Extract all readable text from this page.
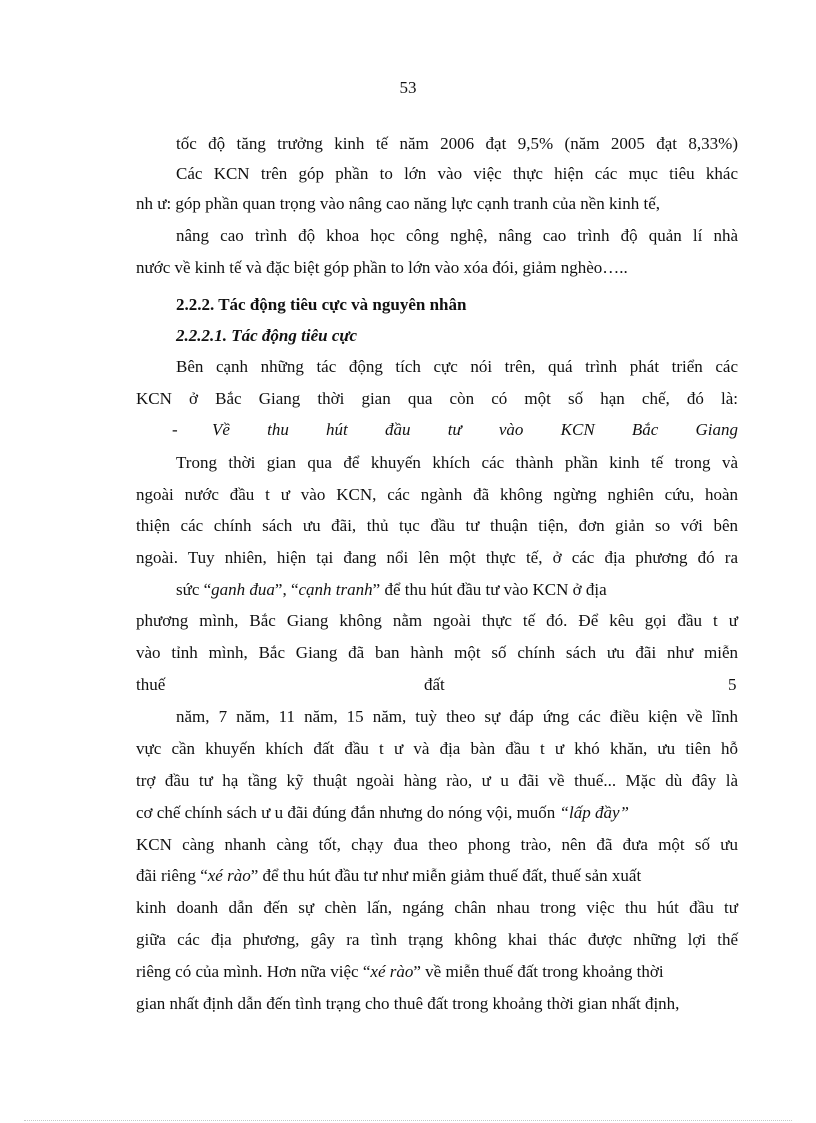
53
tốc độ tăng trưởng kinh tế năm 2006 đạt 9,5% (năm 2005 đạt 8,33%)
Các KCN trên góp phần to lớn vào việc thực hiện các mục tiêu khác
nh ư: góp phần quan trọng vào nâng cao năng lực cạnh tranh của nền kinh tế,
nâng cao trình độ khoa học công nghệ, nâng cao trình độ quản lí nhà
nước về kinh tế và đặc biệt góp phần to lớn vào xóa đói, giảm nghèo…..
2.2.2. Tác động tiêu cực và nguyên nhân
2.2.2.1. Tác động tiêu cực
Bên cạnh những tác động tích cực nói trên, quá trình phát triển các
KCN ở Bắc Giang thời gian qua còn có một số hạn chế, đó là:
- Về thu hút đầu tư vào KCN Bắc Giang
Trong thời gian qua để khuyến khích các thành phần kinh tế trong và
ngoài nước đầu t ư vào KCN, các ngành đã không ngừng nghiên cứu, hoàn
thiện các chính sách ưu đãi, thủ tục đầu tư thuận tiện, đơn giản so với bên
ngoài. Tuy nhiên, hiện tại đang nổi lên một thực tế, ở các địa phương đó ra
sức “ganh đua”, “cạnh tranh” để thu hút đầu tư vào KCN ở địa
phương mình, Bắc Giang không nằm ngoài thực tế đó. Để kêu gọi đầu t ư
vào tỉnh mình, Bắc Giang đã ban hành một số chính sách ưu đãi như miễn
thuế	đất	5
năm, 7 năm, 11 năm, 15 năm, tuỳ theo sự đáp ứng các điều kiện về lĩnh
vực cần khuyến khích đất đầu t ư và địa bàn đầu t ư khó khăn, ưu tiên hỗ
trợ đầu tư hạ tầng kỹ thuật ngoài hàng rào, ư u đãi về thuế... Mặc dù đây là
cơ chế chính sách ư u đãi đúng đắn nhưng do nóng vội, muốn “lấp đầy”
KCN càng nhanh càng tốt, chạy đua theo phong trào, nên đã đưa một số ưu
đãi riêng “xé rào” để thu hút đầu tư như miễn giảm thuế đất, thuế sản xuất
kinh doanh dẫn đến sự chèn lấn, ngáng chân nhau trong việc thu hút đầu tư
giữa các địa phương, gây ra tình trạng không khai thác được những lợi thế
riêng có của mình. Hơn nữa việc “xé rào” về miễn thuế đất trong khoảng thời
gian nhất định dẫn đến tình trạng cho thuê đất trong khoảng thời gian nhất định,
